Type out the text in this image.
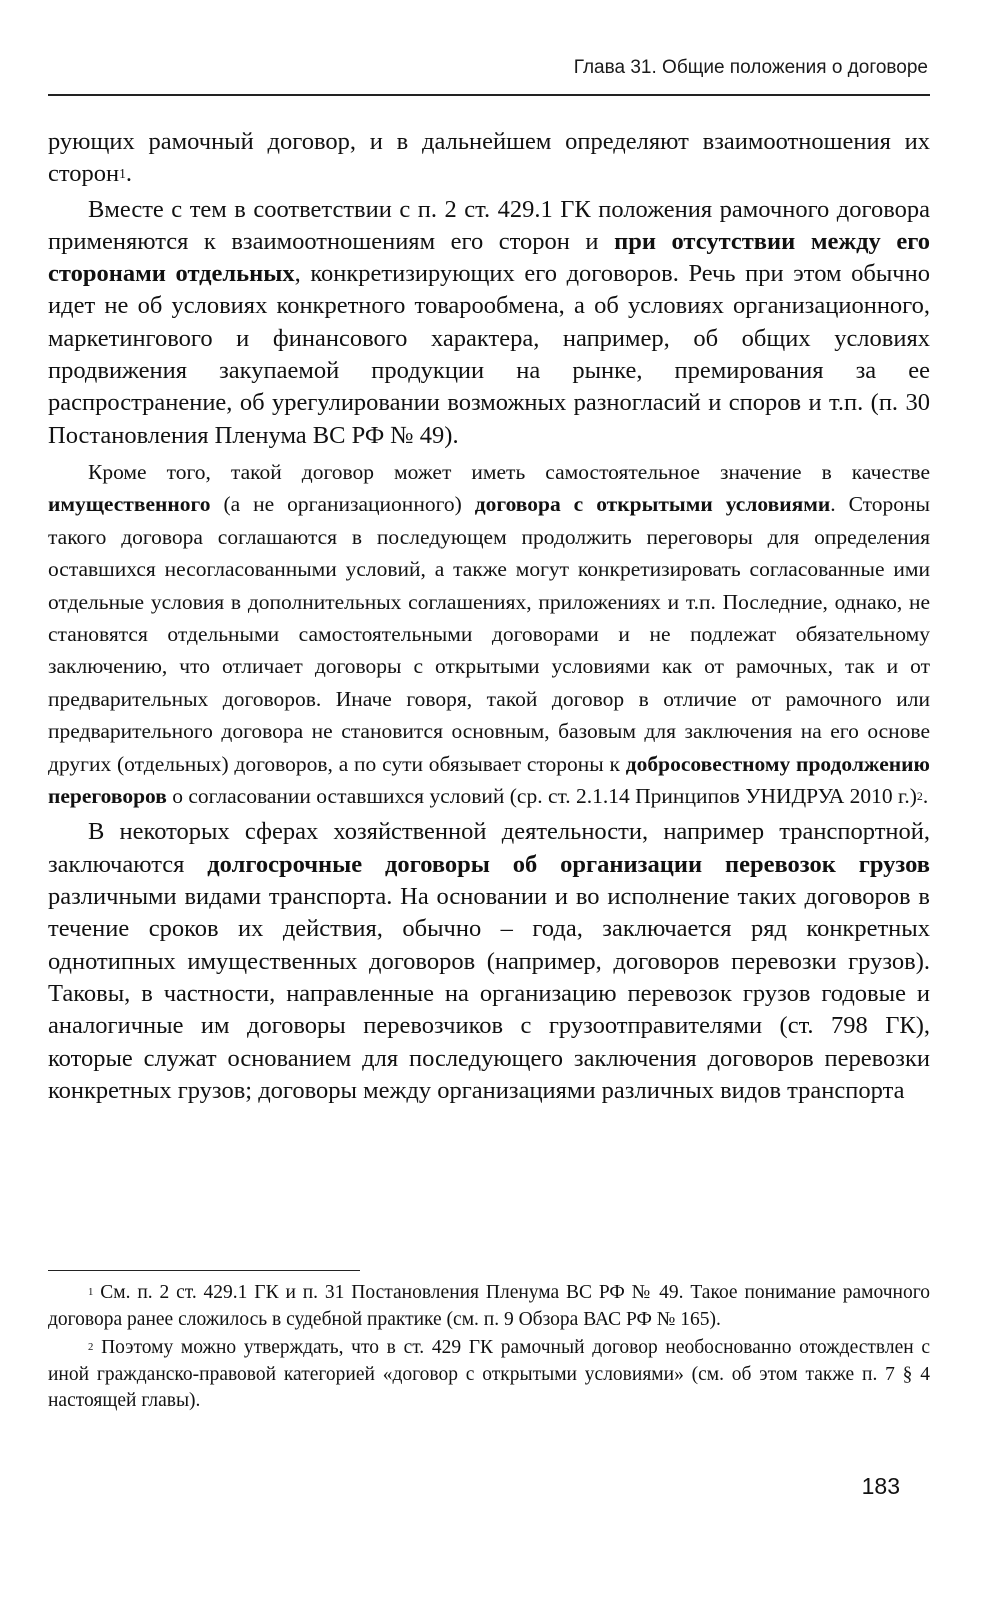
Глава 31. Общие положения о договоре

рующих рамочный договор, и в дальнейшем определяют взаимоотношения их сторон$^1$.

Вместе с тем в соответствии с п. 2 ст. 429.1 ГК положения рамочного договора применяются к взаимоотношениям его сторон и при отсутствии между его сторонами отдельных, конкретизирующих его договоров. Речь при этом обычно идет не об условиях конкретного товарообмена, а об условиях организационного, маркетингового и финансового характера, например, об общих условиях продвижения закупаемой продукции на рынке, премирования за ее распространение, об урегулировании возможных разногласий и споров и т.п. (п. 30 Постановления Пленума ВС РФ № 49).

Кроме того, такой договор может иметь самостоятельное значение в качестве имущественного (а не организационного) договора с открытыми условиями. Стороны такого договора соглашаются в последующем продолжить переговоры для определения оставшихся несогласованными условий, а также могут конкретизировать согласованные ими отдельные условия в дополнительных соглашениях, приложениях и т.п. Последние, однако, не становятся отдельными самостоятельными договорами и не подлежат обязательному заключению, что отличает договоры с открытыми условиями как от рамочных, так и от предварительных договоров. Иначе говоря, такой договор в отличие от рамочного или предварительного договора не становится основным, базовым для заключения на его основе других (отдельных) договоров, а по сути обязывает стороны к добросовестному продолжению переговоров о согласовании оставшихся условий (ср. ст. 2.1.14 Принципов УНИДРУА 2010 г.)$^2$.

В некоторых сферах хозяйственной деятельности, например транспортной, заключаются долгосрочные договоры об организации перевозок грузов различными видами транспорта. На основании и во исполнение таких договоров в течение сроков их действия, обычно – года, заключается ряд конкретных однотипных имущественных договоров (например, договоров перевозки грузов). Таковы, в частности, направленные на организацию перевозок грузов годовые и аналогичные им договоры перевозчиков с грузоотправителями (ст. 798 ГК), которые служат основанием для последующего заключения договоров перевозки конкретных грузов; договоры между организациями различных видов транспорта

$^1$ См. п. 2 ст. 429.1 ГК и п. 31 Постановления Пленума ВС РФ № 49. Такое понимание рамочного договора ранее сложилось в судебной практике (см. п. 9 Обзора ВАС РФ № 165).

$^2$ Поэтому можно утверждать, что в ст. 429 ГК рамочный договор необоснованно отождествлен с иной гражданско-правовой категорией «договор с открытыми условиями» (см. об этом также п. 7 § 4 настоящей главы).

183
